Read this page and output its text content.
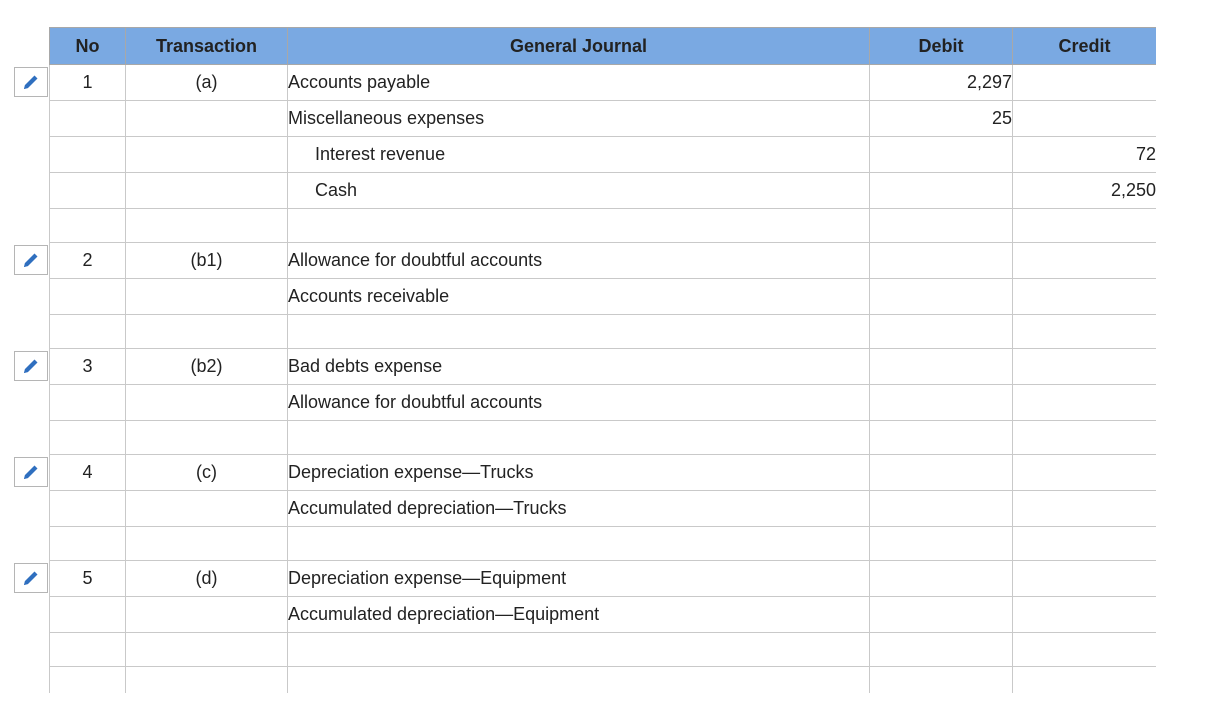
No	Transaction	General Journal	Debit	Credit
1	(a)	Accounts payable	2,297	
		Miscellaneous expenses	25	
		Interest revenue		72
		Cash		2,250

2	(b1)	Allowance for doubtful accounts		
		Accounts receivable		

3	(b2)	Bad debts expense		
		Allowance for doubtful accounts		

4	(c)	Depreciation expense—Trucks		
		Accumulated depreciation—Trucks		

5	(d)	Depreciation expense—Equipment		
		Accumulated depreciation—Equipment		
